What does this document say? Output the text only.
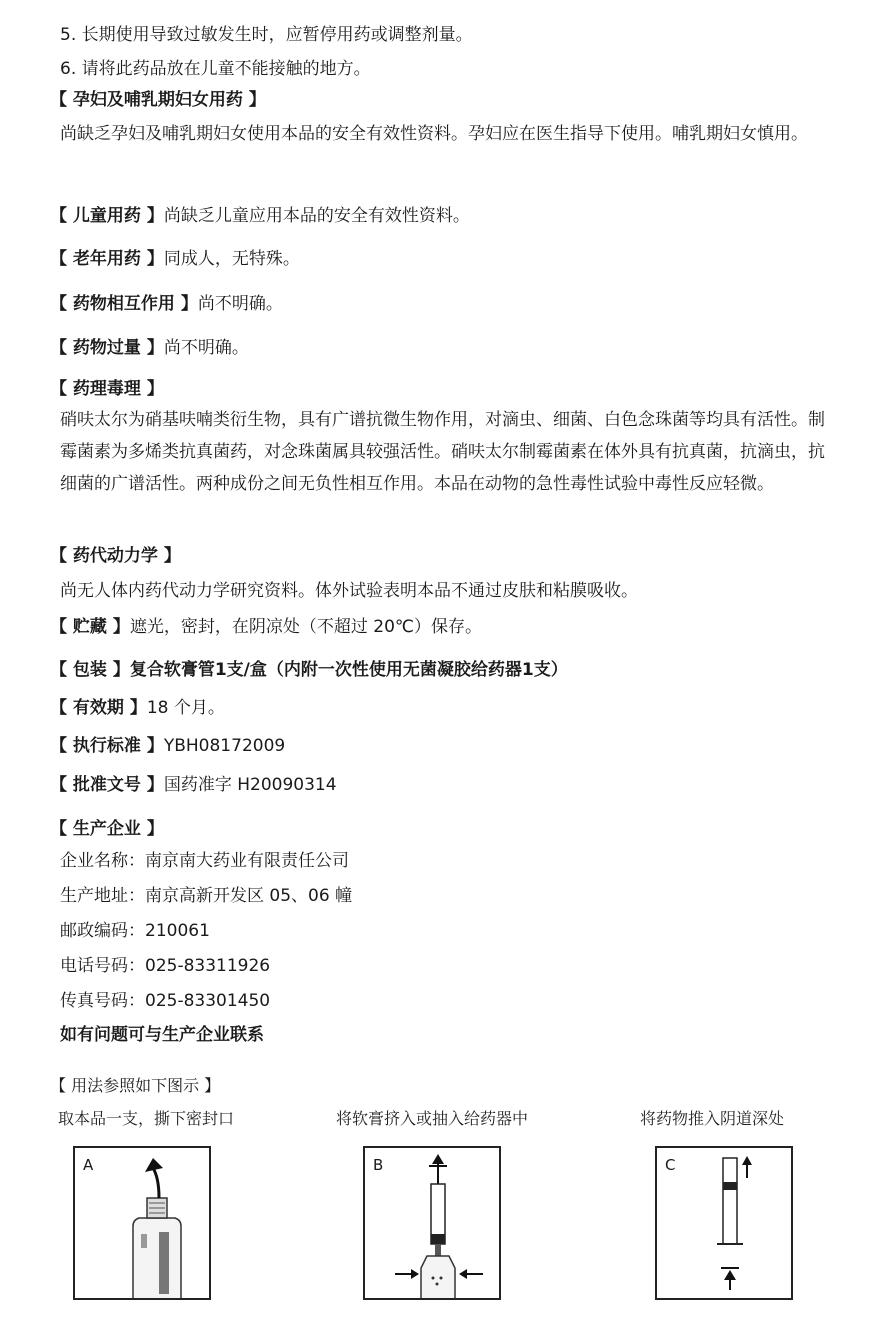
5. 长期使用导致过敏发生时，应暂停用药或调整剂量。
6. 请将此药品放在儿童不能接触的地方。
【 孕妇及哺乳期妇女用药 】
尚缺乏孕妇及哺乳期妇女使用本品的安全有效性资料。孕妇应在医生指导下使用。哺乳期妇女慎用。
【 儿童用药 】尚缺乏儿童应用本品的安全有效性资料。
【 老年用药 】同成人，无特殊。
【 药物相互作用 】尚不明确。
【 药物过量 】尚不明确。
【 药理毒理 】
硝呋太尔为硝基呋喃类衍生物，具有广谱抗微生物作用，对滴虫、细菌、白色念珠菌等均具有活性。制霉菌素为多烯类抗真菌药，对念珠菌属具较强活性。硝呋太尔制霉菌素在体外具有抗真菌，抗滴虫，抗细菌的广谱活性。两种成份之间无负性相互作用。本品在动物的急性毒性试验中毒性反应轻微。
【 药代动力学 】
尚无人体内药代动力学研究资料。体外试验表明本品不通过皮肤和粘膜吸收。
【 贮藏 】遮光，密封，在阴凉处（不超过 20℃）保存。
【 包装 】复合软膏管1支/盒（内附一次性使用无菌凝胶给药器1支）
【 有效期 】18 个月。
【 执行标准 】YBH08172009
【 批准文号 】国药准字 H20090314
【 生产企业 】
企业名称：南京南大药业有限责任公司
生产地址：南京高新开发区 05、06 幢
邮政编码：210061
电话号码：025-83311926
传真号码：025-83301450
如有问题可与生产企业联系
【 用法参照如下图示 】
取本品一支，撕下密封口	将软膏挤入或抽入给药器中	将药物推入阴道深处
A	B	C
